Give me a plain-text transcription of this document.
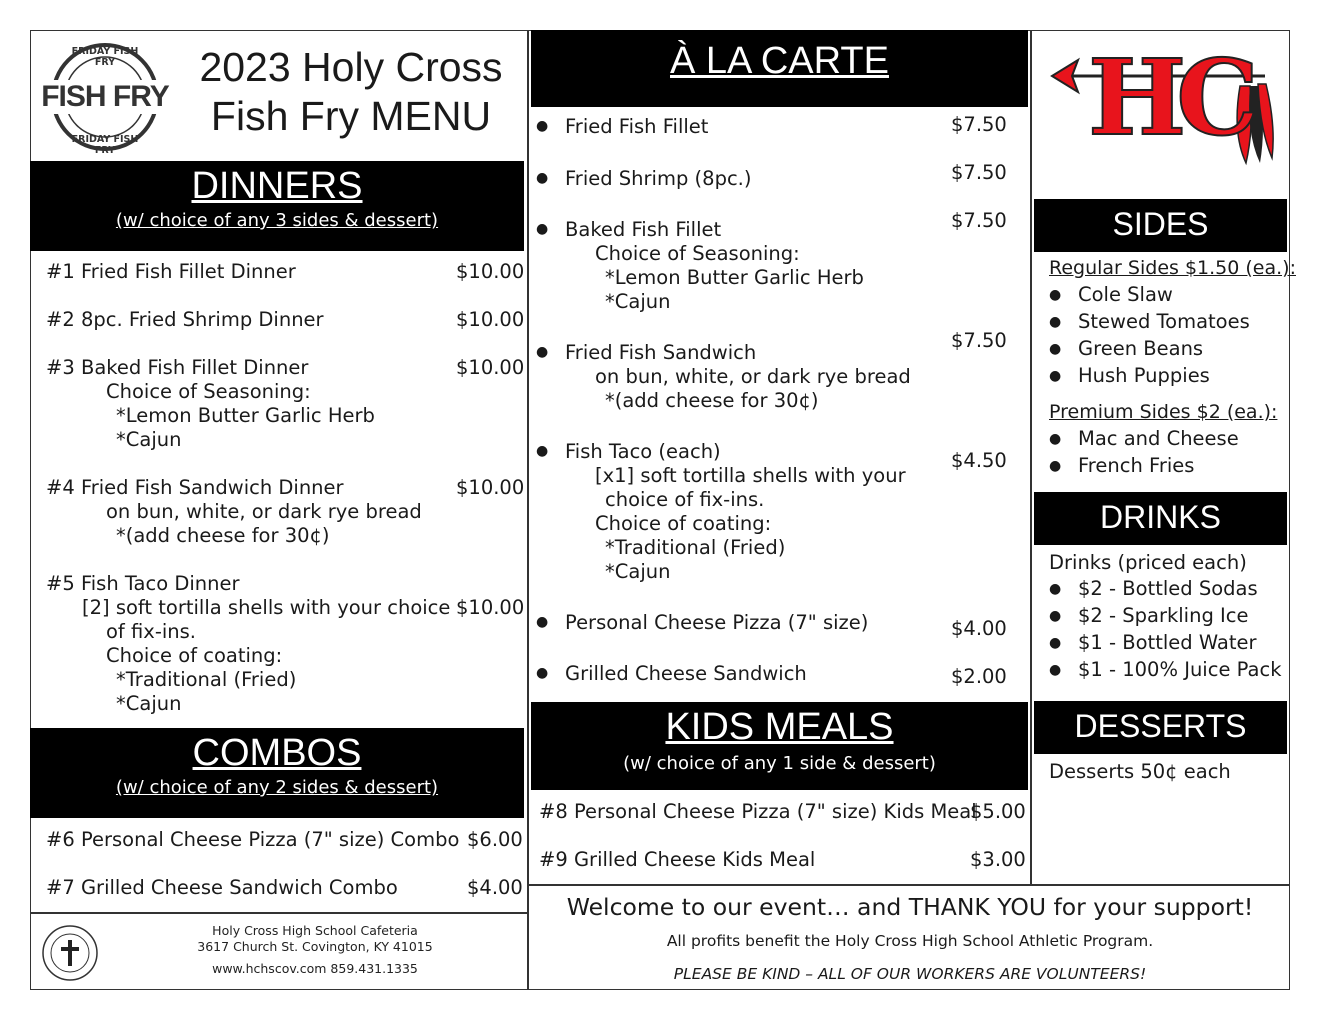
FRIDAY FISH FRY
FISH FRY
FRIDAY FISH FRY
2023 Holy Cross
Fish Fry MENU
DINNERS
(w/ choice of any 3 sides & dessert)
#1 Fried Fish Fillet Dinner	$10.00
#2 8pc. Fried Shrimp Dinner	$10.00
#3 Baked Fish Fillet Dinner	$10.00
Choice of Seasoning:
*Lemon Butter Garlic Herb
*Cajun
#4 Fried Fish Sandwich Dinner	$10.00
on bun, white, or dark rye bread
*(add cheese for 30¢)
#5 Fish Taco Dinner
$10.00
[2] soft tortilla shells with your choice
of fix-ins.
Choice of coating:
*Traditional (Fried)
*Cajun
COMBOS
(w/ choice of any 2 sides & dessert)
#6 Personal Cheese Pizza (7" size) Combo $6.00
#7 Grilled Cheese Sandwich Combo	$4.00
Holy Cross High School Cafeteria
3617 Church St. Covington, KY 41015
www.hchscov.com 859.431.1335
À LA CARTE
● Fried Fish Fillet	$7.50
● Fried Shrimp (8pc.)	$7.50
● Baked Fish Fillet	$7.50
Choice of Seasoning:
*Lemon Butter Garlic Herb
*Cajun
● Fried Fish Sandwich
$7.50
on bun, white, or dark rye bread
*(add cheese for 30¢)
● Fish Taco (each)	$4.50
[x1] soft tortilla shells with your
choice of fix-ins.
Choice of coating:
*Traditional (Fried)
*Cajun
● Personal Cheese Pizza (7" size)	$4.00
● Grilled Cheese Sandwich	$2.00
KIDS MEALS
(w/ choice of any 1 side & dessert)
#8 Personal Cheese Pizza (7" size) Kids Meal
$5.00
#9 Grilled Cheese Kids Meal	$3.00
Welcome to our event… and THANK YOU for your support!
All profits benefit the Holy Cross High School Athletic Program.
PLEASE BE KIND – ALL OF OUR WORKERS ARE VOLUNTEERS!
HC
SIDES
Regular Sides $1.50 (ea.):
● Cole Slaw
● Stewed Tomatoes
● Green Beans
● Hush Puppies
Premium Sides $2 (ea.):
● Mac and Cheese
● French Fries
DRINKS
Drinks (priced each)
● $2 - Bottled Sodas
● $2 - Sparkling Ice
● $1 - Bottled Water
● $1 - 100% Juice Pack
DESSERTS
Desserts 50¢ each
